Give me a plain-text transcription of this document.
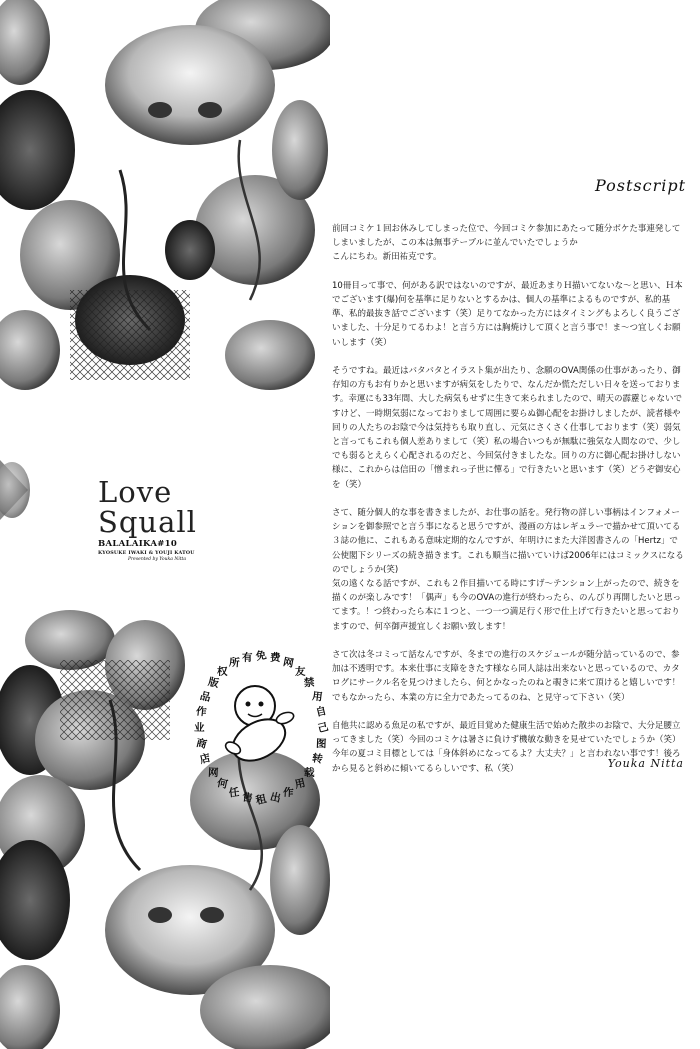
Love Squall
BALALAIKA#10
KYOSUKE IWAKI & YOUJI KATOU
Presented by Youka Nitta
免 费 网
友
禁
用
自
己
图
转
载
用
作
出
租
售
任
何
网
店
商
业
作
品
版
权
所 有
Postscript

前回コミケ１回お休みしてしまった位で、今回コミケ参加にあたって随分ボケた事連発してしまいましたが、この本は無事テーブルに並んでいたでしょうか
こんにちわ。新田祐克です。

10冊目って事で、何がある訳ではないのですが、最近あまりＨ描いてないな〜と思い、Ｈ本でございます(爆)何を基準に足りないとするかは、個人の基準によるものですが、私的基準、私的最抜き話でございます（笑）足りてなかった方にはタイミングもよろしく良うございました、十分足りてるわよ！と言う方には胸焼けして頂くと言う事で！ま〜つ宜しくお願いします（笑）

そうですね。最近はバタバタとイラスト集が出たり、念願のOVA関係の仕事があったり、御存知の方もお有りかと思いますが病気をしたりで、なんだか慌ただしい日々を送っております。幸運にも33年間、大した病気もせずに生きて来られましたので、晴天の霹靂じゃないですけど、一時期気弱になっておりまして周囲に要らぬ御心配をお掛けしましたが、読者様や回りの人たちのお陰で今は気持ちも取り直し、元気にさくさく仕事しております（笑）弱気と言ってもこれも個人差ありまして（笑）私の場合いつもが無駄に強気な人間なので、少しでも弱るとえらく心配されるのだと、今回気付きましたな。回りの方に御心配お掛けしない様に、これからは信田の「憎まれっ子世に憚る」で行きたいと思います（笑）どうぞ御安心を（笑）

さて、随分個人的な事を書きましたが、お仕事の話を。発行物の詳しい事柄はインフォメーションを御参照でと言う事になると思うですが、漫画の方はレギュラーで描かせて頂いてる３誌の他に、これもある意味定期的なんですが、年明けにまた大洋図書さんの「Hertz」で公使閣下シリーズの続き描きます。これも順当に描いていけば2006年にはコミックスになるのでしょうか(笑)
気の遠くなる話ですが、これも２作目描いてる時にすげ〜テンション上がったので、続きを描くのが楽しみです！「偶声」も今のOVAの進行が終わったら、のんびり再開したいと思ってます。！つ終わったら本に１つと、一つ一つ満足行く形で仕上げて行きたいと思っておりますので、何卒御声援宜しくお願い致します！

さて次は冬コミって話なんですが、冬までの進行のスケジュールが随分詰っているので、参加は不透明です。本来仕事に支障をきたす様なら同人誌は出来ないと思っているので、カタログにサークル名を見つけましたら、何とかなったのねと覗きに来て頂けると嬉しいです！でもなかったら、本業の方に全力であたってるのね、と見守って下さい（笑）

自他共に認める魚足の私ですが、最近目覚めた健康生活で始めた散歩のお陰で、大分足腰立ってきました（笑）今回のコミケは暑さに負けず機敏な動きを見せていたでしょうか（笑）今年の夏コミ目標としては「身体斜めになってるよ？大丈夫？」と言われない事です！後ろから見ると斜めに傾いてるらしいです、私（笑）	Youka Nitta
